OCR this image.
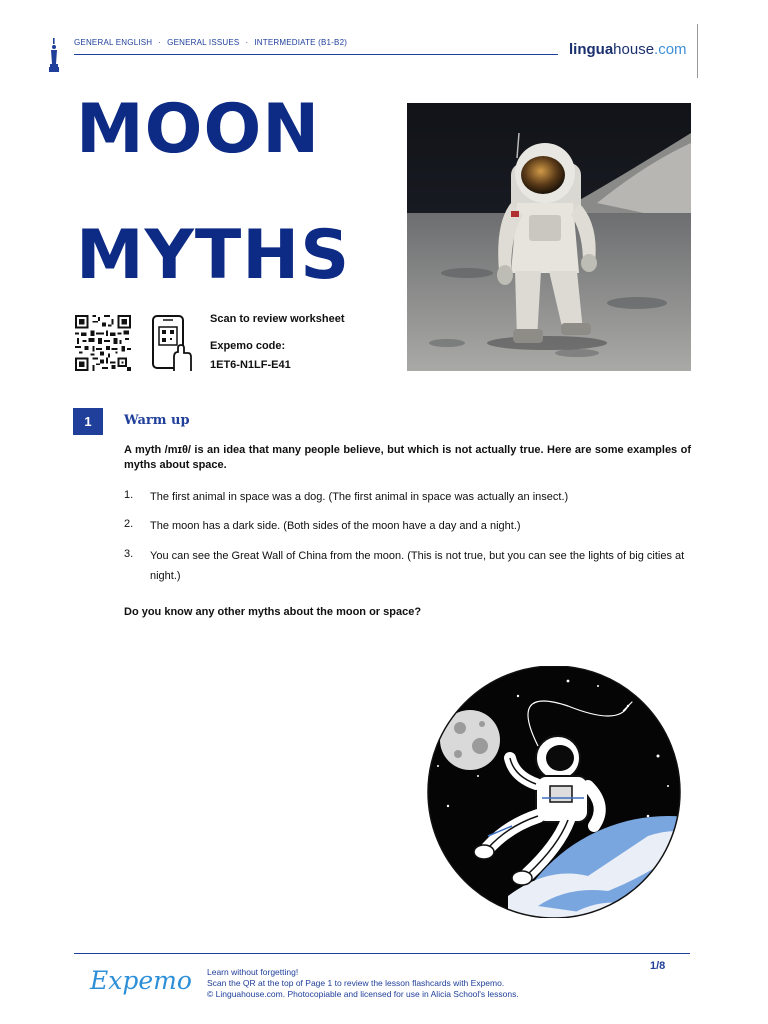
GENERAL ENGLISH · GENERAL ISSUES · INTERMEDIATE (B1-B2)	linguahouse.com
MOON
MYTHS
Scan to review worksheet
Expemo code:
1ET6-N1LF-E41
1	Warm up
A myth /mɪθ/ is an idea that many people believe, but which is not actually true. Here are some examples of myths about space.
1. The first animal in space was a dog. (The first animal in space was actually an insect.)
2. The moon has a dark side. (Both sides of the moon have a day and a night.)
3. You can see the Great Wall of China from the moon. (This is not true, but you can see the lights of big cities at night.)
Do you know any other myths about the moon or space?
Expemo Learn without forgetting!
Scan the QR at the top of Page 1 to review the lesson flashcards with Expemo.
© Linguahouse.com. Photocopiable and licensed for use in Alicia School's lessons.
1/8
